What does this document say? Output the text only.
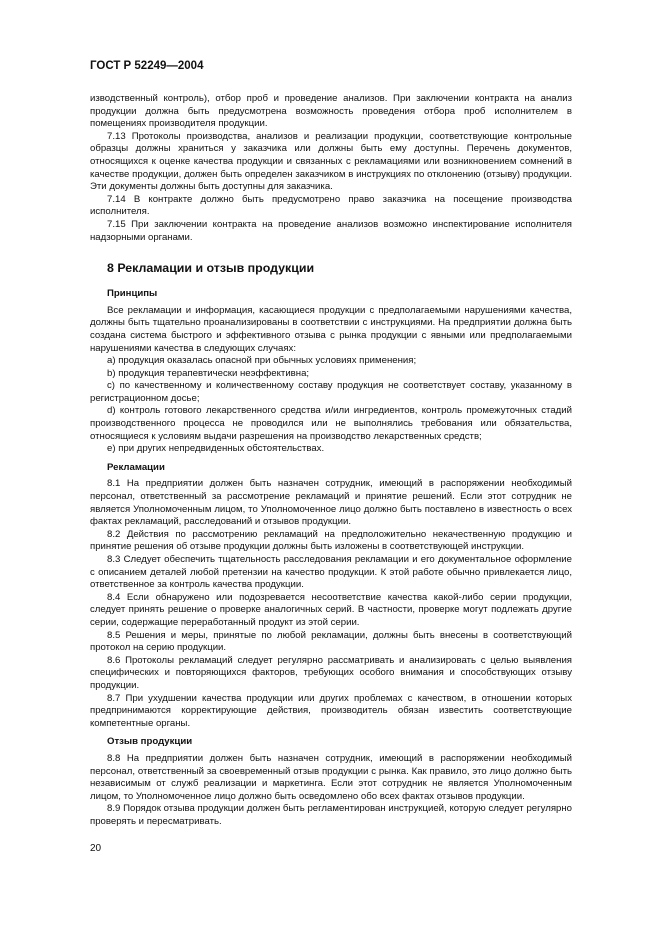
ГОСТ Р 52249—2004

изводственный контроль), отбор проб и проведение анализов. При заключении контракта на анализ продукции должна быть предусмотрена возможность проведения отбора проб исполнителем в помещениях производителя продукции.

7.13 Протоколы производства, анализов и реализации продукции, соответствующие контрольные образцы должны храниться у заказчика или должны быть ему доступны. Перечень документов, относящихся к оценке качества продукции и связанных с рекламациями или возникновением сомнений в качестве продукции, должен быть определен заказчиком в инструкциях по отклонению (отзыву) продукции. Эти документы должны быть доступны для заказчика.

7.14 В контракте должно быть предусмотрено право заказчика на посещение производства исполнителя.

7.15 При заключении контракта на проведение анализов возможно инспектирование исполнителя надзорными органами.

8 Рекламации и отзыв продукции

Принципы

Все рекламации и информация, касающиеся продукции с предполагаемыми нарушениями качества, должны быть тщательно проанализированы в соответствии с инструкциями. На предприятии должна быть создана система быстрого и эффективного отзыва с рынка продукции с явными или предполагаемыми нарушениями качества в следующих случаях:

а) продукция оказалась опасной при обычных условиях применения;

b) продукция терапевтически неэффективна;

c) по качественному и количественному составу продукция не соответствует составу, указанному в регистрационном досье;

d) контроль готового лекарственного средства и/или ингредиентов, контроль промежуточных стадий производственного процесса не проводился или не выполнялись требования или обязательства, относящиеся к условиям выдачи разрешения на производство лекарственных средств;

e) при других непредвиденных обстоятельствах.

Рекламации

8.1 На предприятии должен быть назначен сотрудник, имеющий в распоряжении необходимый персонал, ответственный за рассмотрение рекламаций и принятие решений. Если этот сотрудник не является Уполномоченным лицом, то Уполномоченное лицо должно быть поставлено в известность о всех фактах рекламаций, расследований и отзывов продукции.

8.2 Действия по рассмотрению рекламаций на предположительно некачественную продукцию и принятие решения об отзыве продукции должны быть изложены в соответствующей инструкции.

8.3 Следует обеспечить тщательность расследования рекламации и его документальное оформление с описанием деталей любой претензии на качество продукции. К этой работе обычно привлекается лицо, ответственное за контроль качества продукции.

8.4 Если обнаружено или подозревается несоответствие качества какой-либо серии продукции, следует принять решение о проверке аналогичных серий. В частности, проверке могут подлежать другие серии, содержащие переработанный продукт из этой серии.

8.5 Решения и меры, принятые по любой рекламации, должны быть внесены в соответствующий протокол на серию продукции.

8.6 Протоколы рекламаций следует регулярно рассматривать и анализировать с целью выявления специфических и повторяющихся факторов, требующих особого внимания и способствующих отзыву продукции.

8.7 При ухудшении качества продукции или других проблемах с качеством, в отношении которых предпринимаются корректирующие действия, производитель обязан известить соответствующие компетентные органы.

Отзыв продукции

8.8 На предприятии должен быть назначен сотрудник, имеющий в распоряжении необходимый персонал, ответственный за своевременный отзыв продукции с рынка. Как правило, это лицо должно быть независимым от служб реализации и маркетинга. Если этот сотрудник не является Уполномоченным лицом, то Уполномоченное лицо должно быть осведомлено обо всех фактах отзывов продукции.

8.9 Порядок отзыва продукции должен быть регламентирован инструкцией, которую следует регулярно проверять и пересматривать.

20
